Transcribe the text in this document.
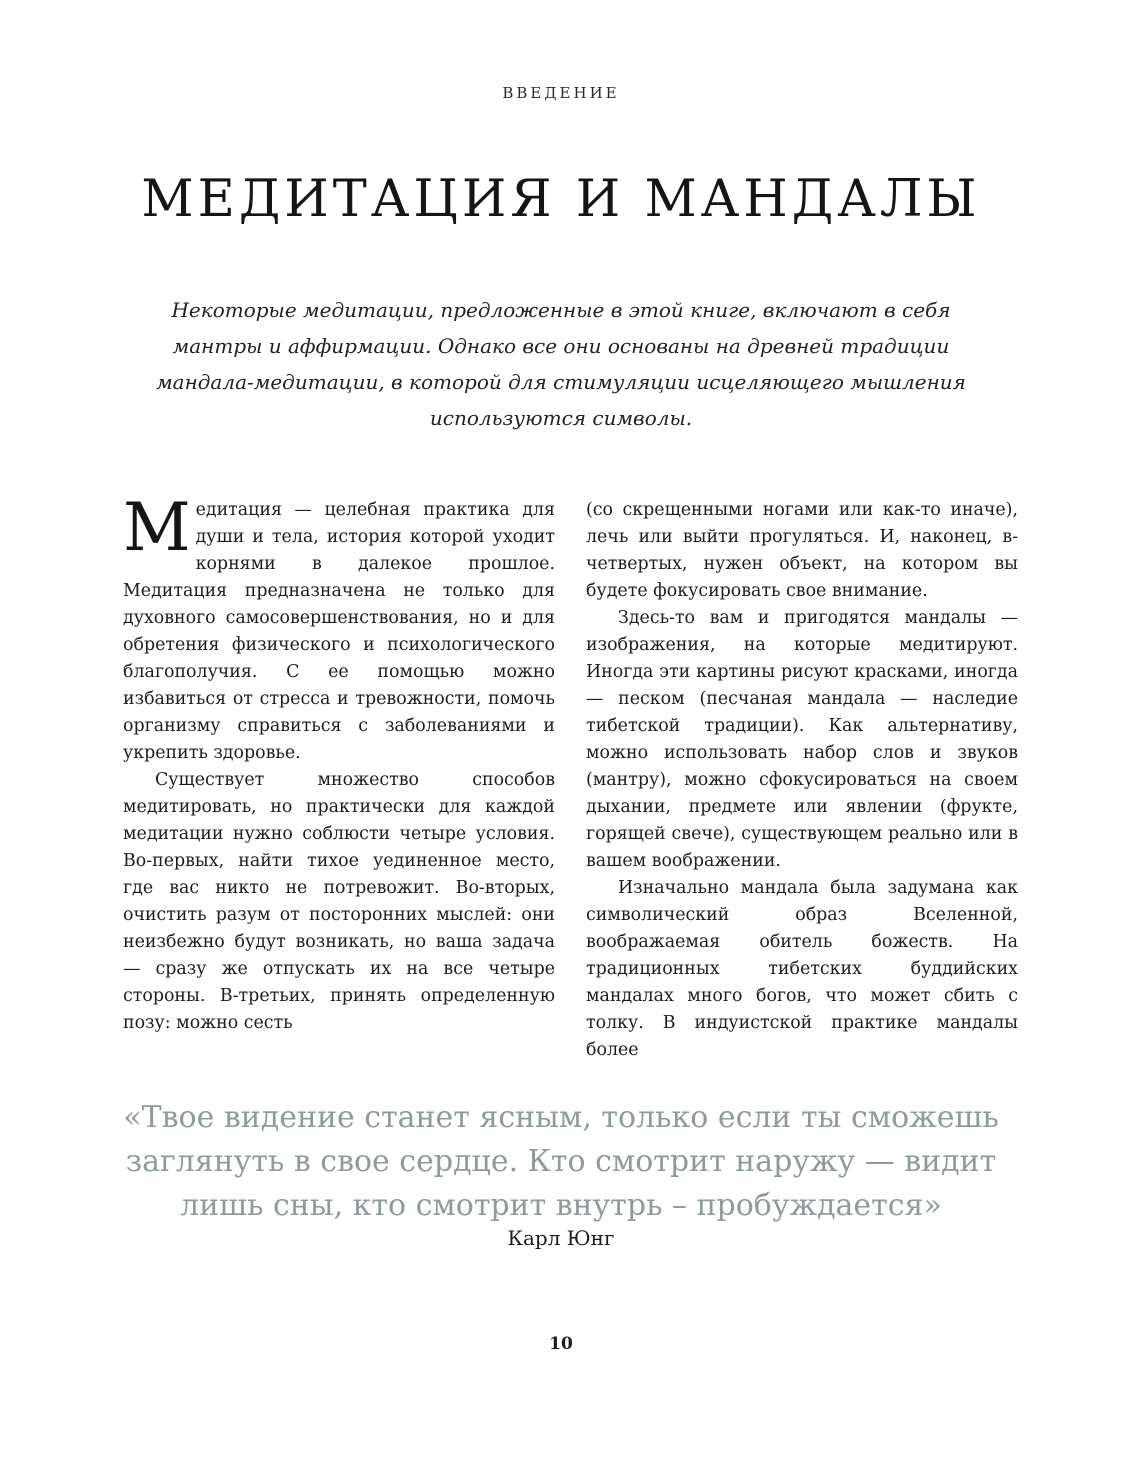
ВВЕДЕНИЕ
МЕДИТАЦИЯ И МАНДАЛЫ

Некоторые медитации, предложенные в этой книге, включают в себя мантры и аффирмации. Однако все они основаны на древней традиции мандала-медитации, в которой для стимуляции исцеляющего мышления используются символы.

Медитация — целебная практика для души и тела, история которой уходит корнями в далекое прошлое. Медитация предназначена не только для духовного самосовершенствования, но и для обретения физического и психологического благополучия. С ее помощью можно избавиться от стресса и тревожности, помочь организму справиться с заболеваниями и укрепить здоровье.

Существует множество способов медитировать, но практически для каждой медитации нужно соблюсти четыре условия. Во-первых, найти тихое уединенное место, где вас никто не потревожит. Во-вторых, очистить разум от посторонних мыслей: они неизбежно будут возникать, но ваша задача — сразу же отпускать их на все четыре стороны. В-третьих, принять определенную позу: можно сесть

(со скрещенными ногами или как-то иначе), лечь или выйти прогуляться. И, наконец, в-четвертых, нужен объект, на котором вы будете фокусировать свое внимание.

Здесь-то вам и пригодятся мандалы — изображения, на которые медитируют. Иногда эти картины рисуют красками, иногда — песком (песчаная мандала — наследие тибетской традиции). Как альтернативу, можно использовать набор слов и звуков (мантру), можно сфокусироваться на своем дыхании, предмете или явлении (фрукте, горящей свече), существующем реально или в вашем воображении.

Изначально мандала была задумана как символический образ Вселенной, воображаемая обитель божеств. На традиционных тибетских буддийских мандалах много богов, что может сбить с толку. В индуистской практике мандалы более

«Твое видение станет ясным, только если ты сможешь заглянуть в свое сердце. Кто смотрит наружу — видит лишь сны, кто смотрит внутрь – пробуждается»

Карл Юнг
10
